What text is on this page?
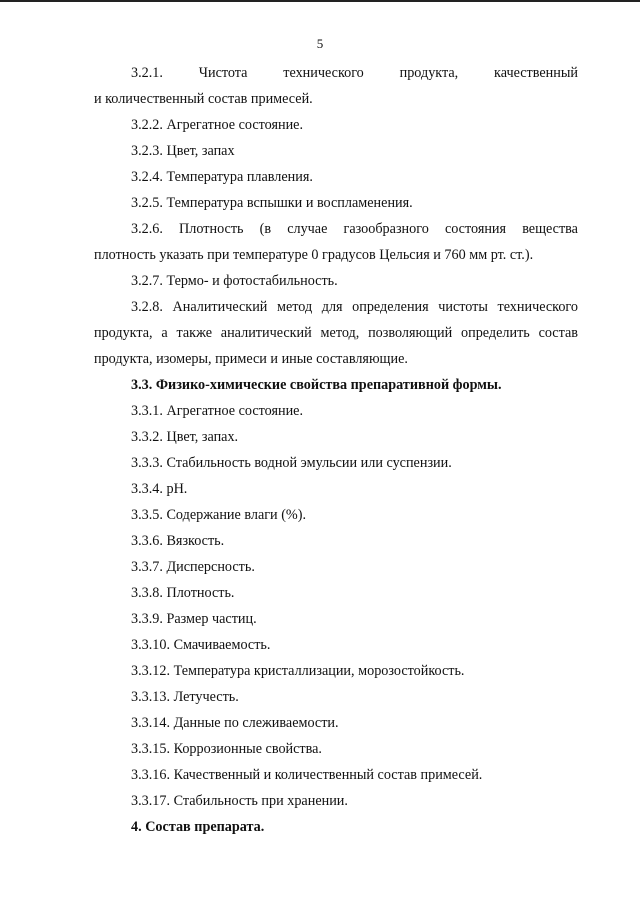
5
3.2.1.	Чистота	технического	продукта,	качественный
и количественный состав примесей.
3.2.2. Агрегатное состояние.
3.2.3. Цвет, запах
3.2.4. Температура плавления.
3.2.5. Температура вспышки и воспламенения.
3.2.6. Плотность (в случае газообразного состояния вещества
плотность указать при температуре 0 градусов Цельсия и 760 мм рт. ст.).
3.2.7. Термо- и фотостабильность.
3.2.8. Аналитический метод для определения чистоты технического
продукта, а также аналитический метод, позволяющий определить состав
продукта, изомеры, примеси и иные составляющие.
3.3. Физико-химические свойства препаративной формы.
3.3.1. Агрегатное состояние.
3.3.2. Цвет, запах.
3.3.3. Стабильность водной эмульсии или суспензии.
3.3.4. рН.
3.3.5. Содержание влаги (%).
3.3.6. Вязкость.
3.3.7. Дисперсность.
3.3.8. Плотность.
3.3.9. Размер частиц.
3.3.10. Смачиваемость.
3.3.12. Температура кристаллизации, морозостойкость.
3.3.13. Летучесть.
3.3.14. Данные по слеживаемости.
3.3.15. Коррозионные свойства.
3.3.16. Качественный и количественный состав примесей.
3.3.17. Стабильность при хранении.
4. Состав препарата.
